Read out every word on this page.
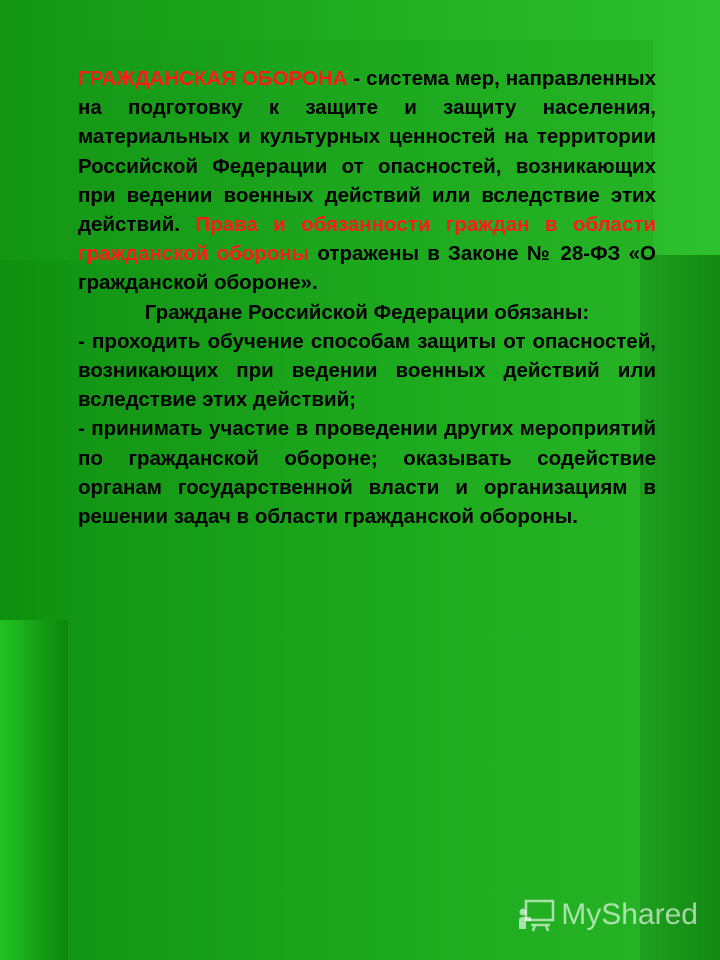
ГРАЖДАНСКАЯ ОБОРОНА - система мер, направленных на подготовку к защите и защиту населения, материальных и культурных ценностей на территории Российской Федерации от опасностей, возникающих при ведении военных действий или вследствие этих действий. Права и обязанности граждан в области гражданской обороны отражены в Законе № 28-ФЗ «О гражданской обороне».

Граждане Российской Федерации обязаны:

- проходить обучение способам защиты от опасностей, возникающих при ведении военных действий или вследствие этих действий;

- принимать участие в проведении других мероприятий по гражданской обороне; оказывать содействие органам государственной власти и организациям в решении задач в области гражданской обороны.

MyShared
